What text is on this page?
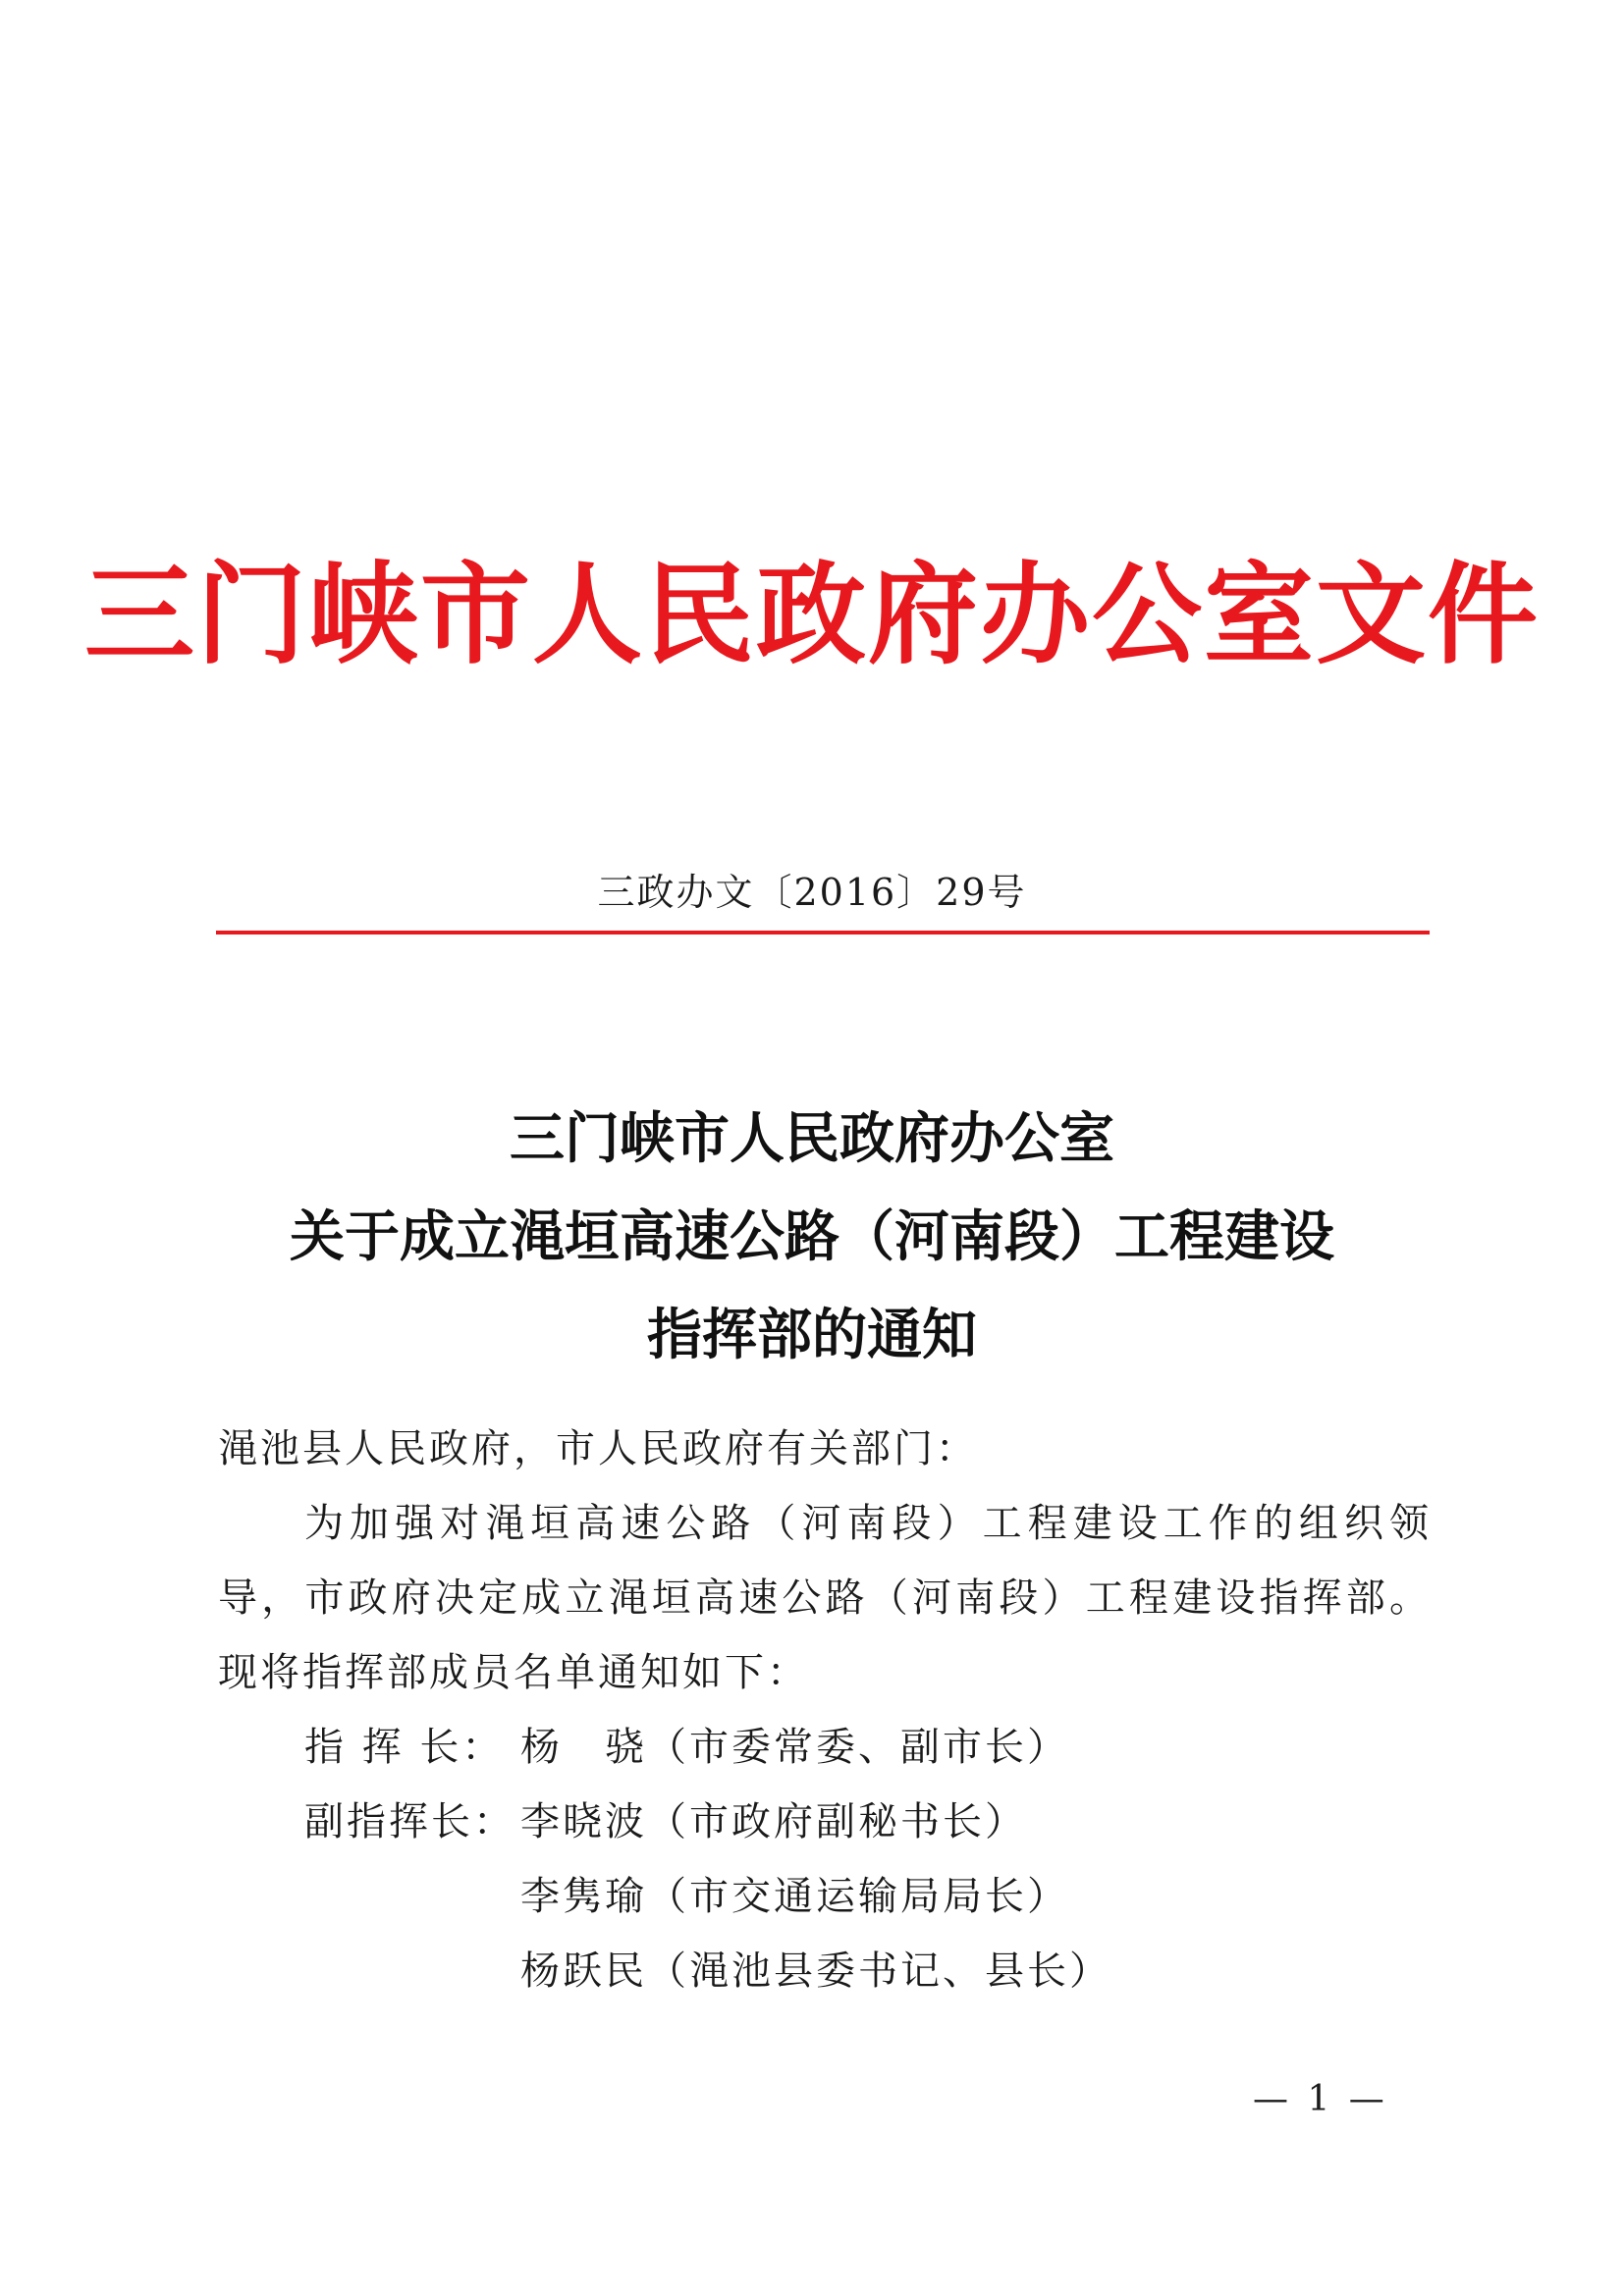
三门峡市人民政府办公室文件
三政办文〔2016〕29号
三门峡市人民政府办公室
关于成立渑垣高速公路（河南段）工程建设
指挥部的通知

渑池县人民政府，市人民政府有关部门：

为加强对渑垣高速公路（河南段）工程建设工作的组织领导，市政府决定成立渑垣高速公路（河南段）工程建设指挥部。现将指挥部成员名单通知如下：

指 挥 长： 杨　骁（市委常委、副市长）
副指挥长： 李晓波（市政府副秘书长）
李隽瑜（市交通运输局局长）
杨跃民（渑池县委书记、县长）
— 1 —
